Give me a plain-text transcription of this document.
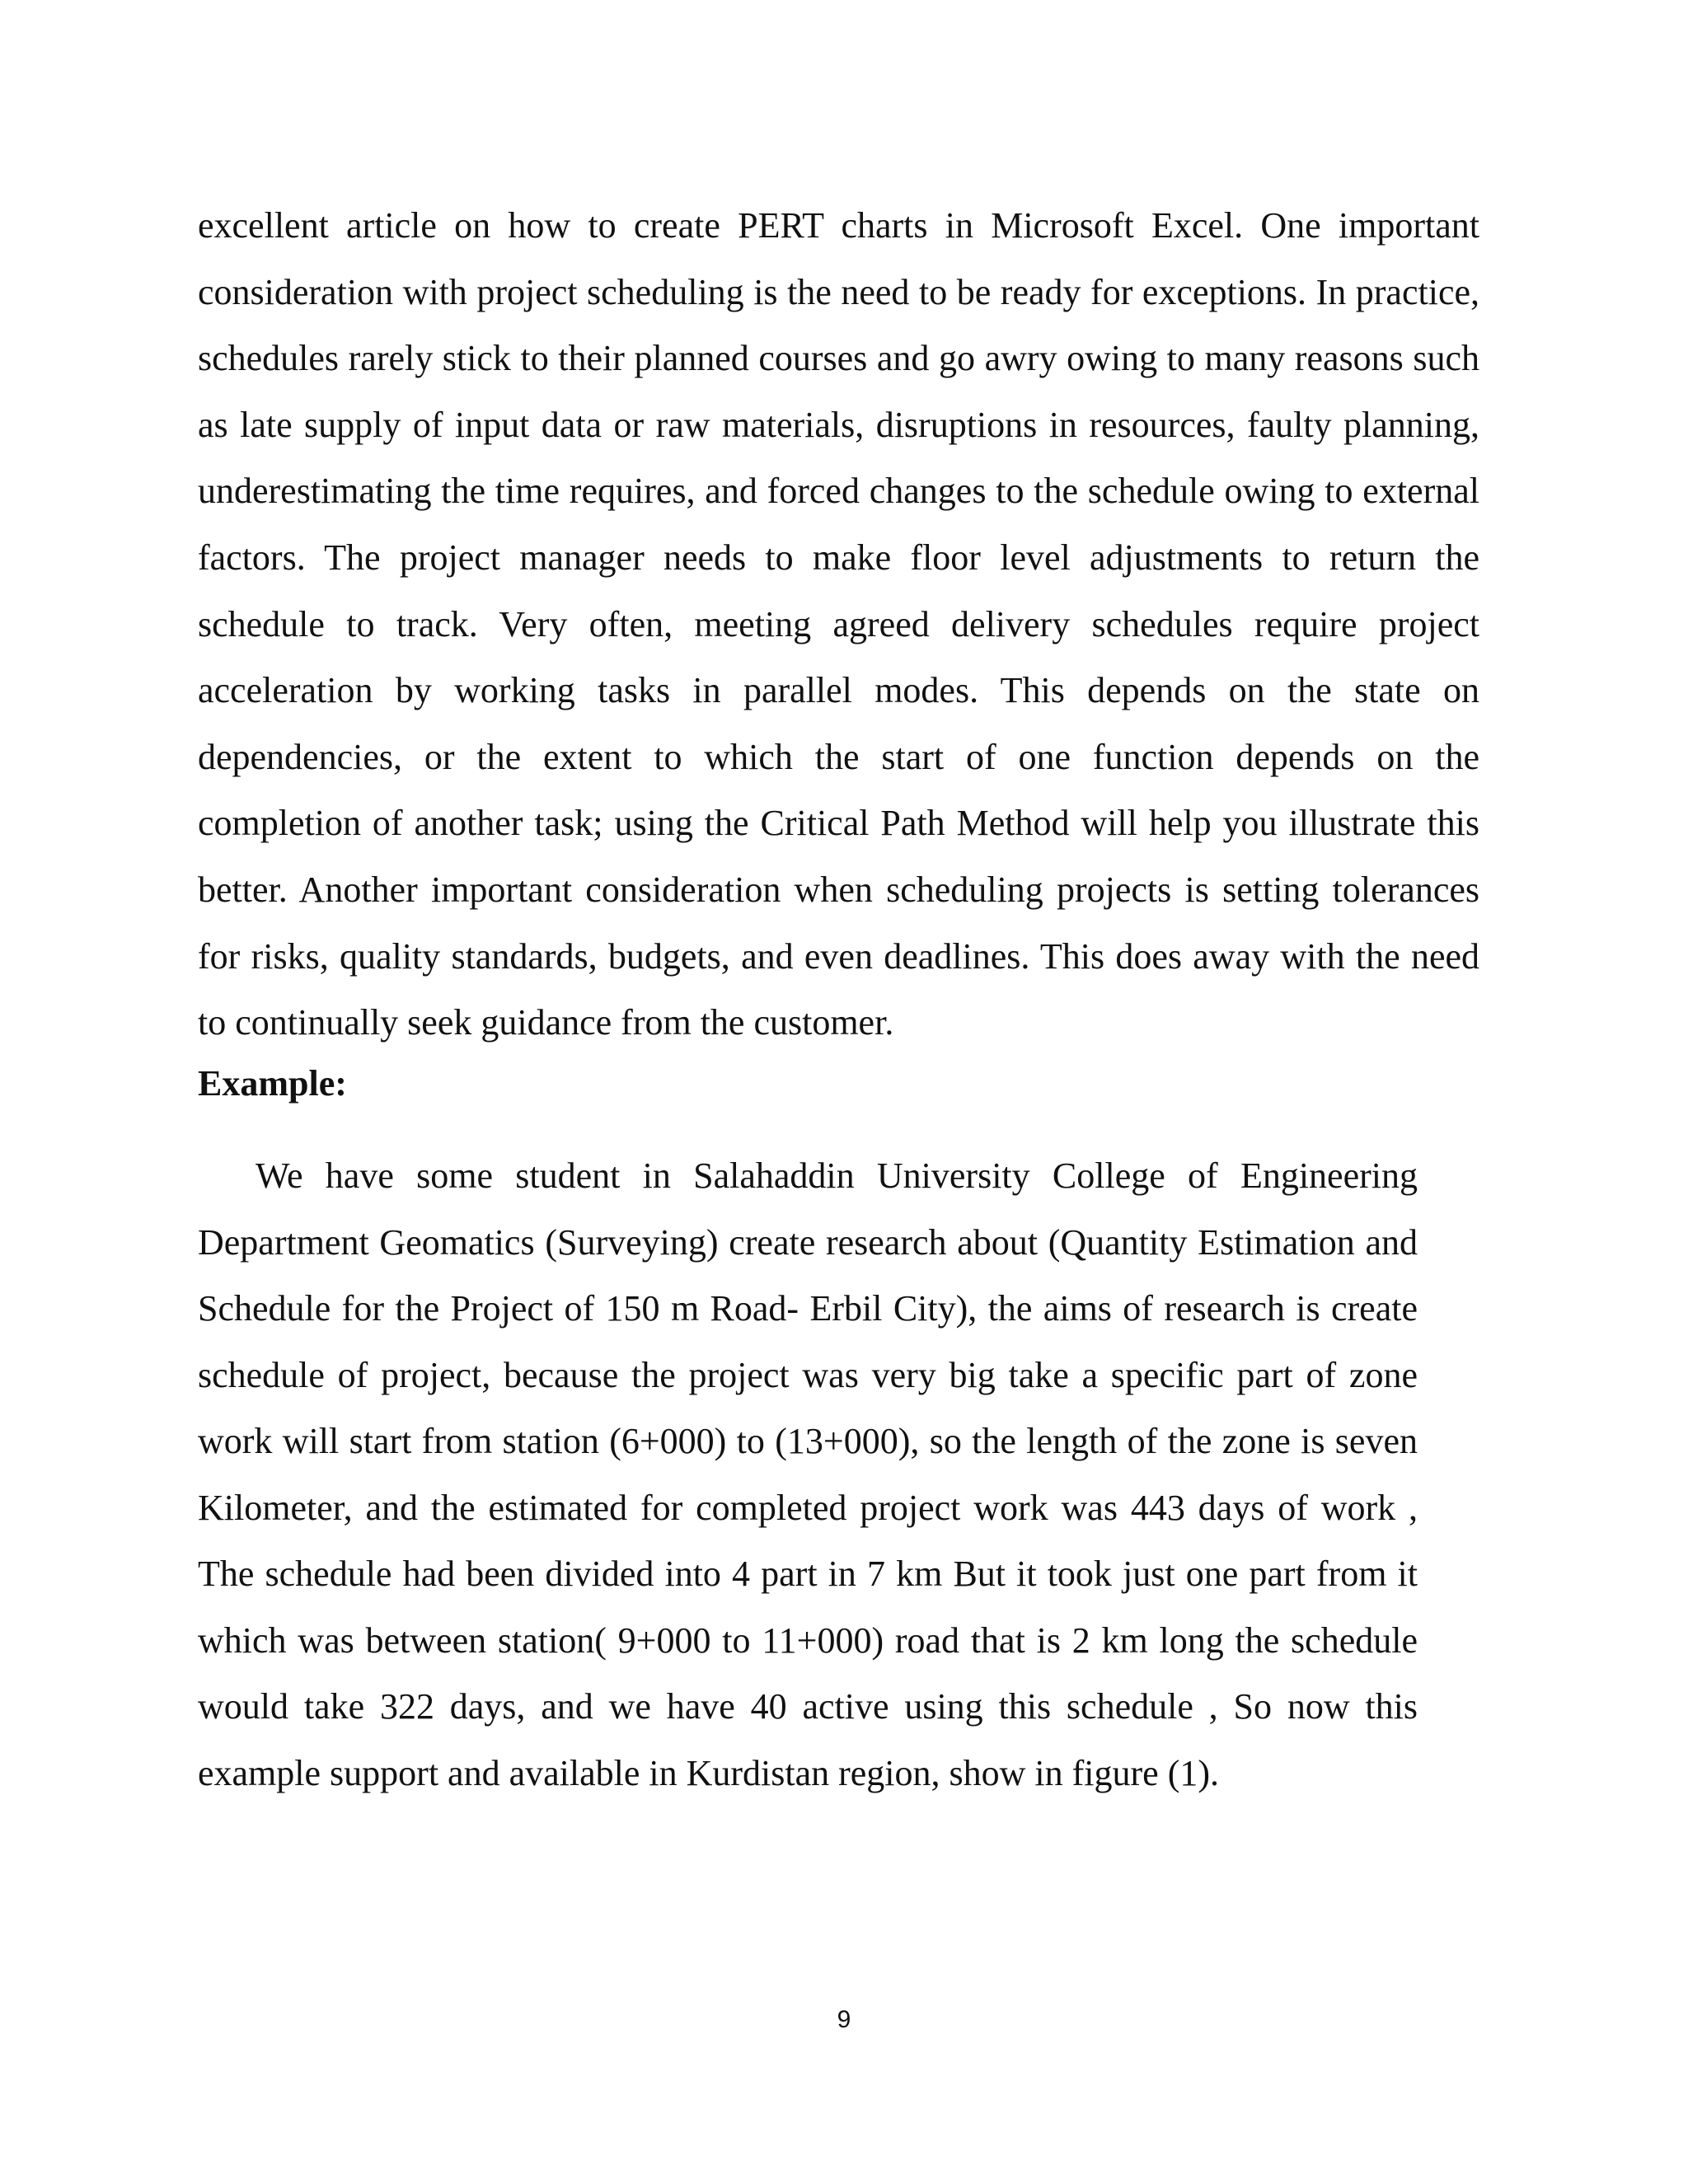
excellent article on how to create PERT charts in Microsoft Excel. One important consideration with project scheduling is the need to be ready for exceptions. In practice, schedules rarely stick to their planned courses and go awry owing to many reasons such as late supply of input data or raw materials, disruptions in resources, faulty planning, underestimating the time requires, and forced changes to the schedule owing to external factors. The project manager needs to make floor level adjustments to return the schedule to track. Very often, meeting agreed delivery schedules require project acceleration by working tasks in parallel modes. This depends on the state on dependencies, or the extent to which the start of one function depends on the completion of another task; using the Critical Path Method will help you illustrate this better. Another important consideration when scheduling projects is setting tolerances for risks, quality standards, budgets, and even deadlines. This does away with the need to continually seek guidance from the customer.

Example:

We have some student in Salahaddin University College of Engineering Department Geomatics (Surveying) create research about (Quantity Estimation and Schedule for the Project of 150 m Road- Erbil City), the aims of research is create schedule of project, because the project was very big take a specific part of zone work will start from station (6+000) to (13+000), so the length of the zone is seven Kilometer, and the estimated for completed project work was 443 days of work , The schedule had been divided into 4 part in 7 km But it took just one part from it which was between station( 9+000 to 11+000) road that is 2 km long the schedule would take 322 days, and we have 40 active using this schedule , So now this example support and available in Kurdistan region, show in figure (1).

9
